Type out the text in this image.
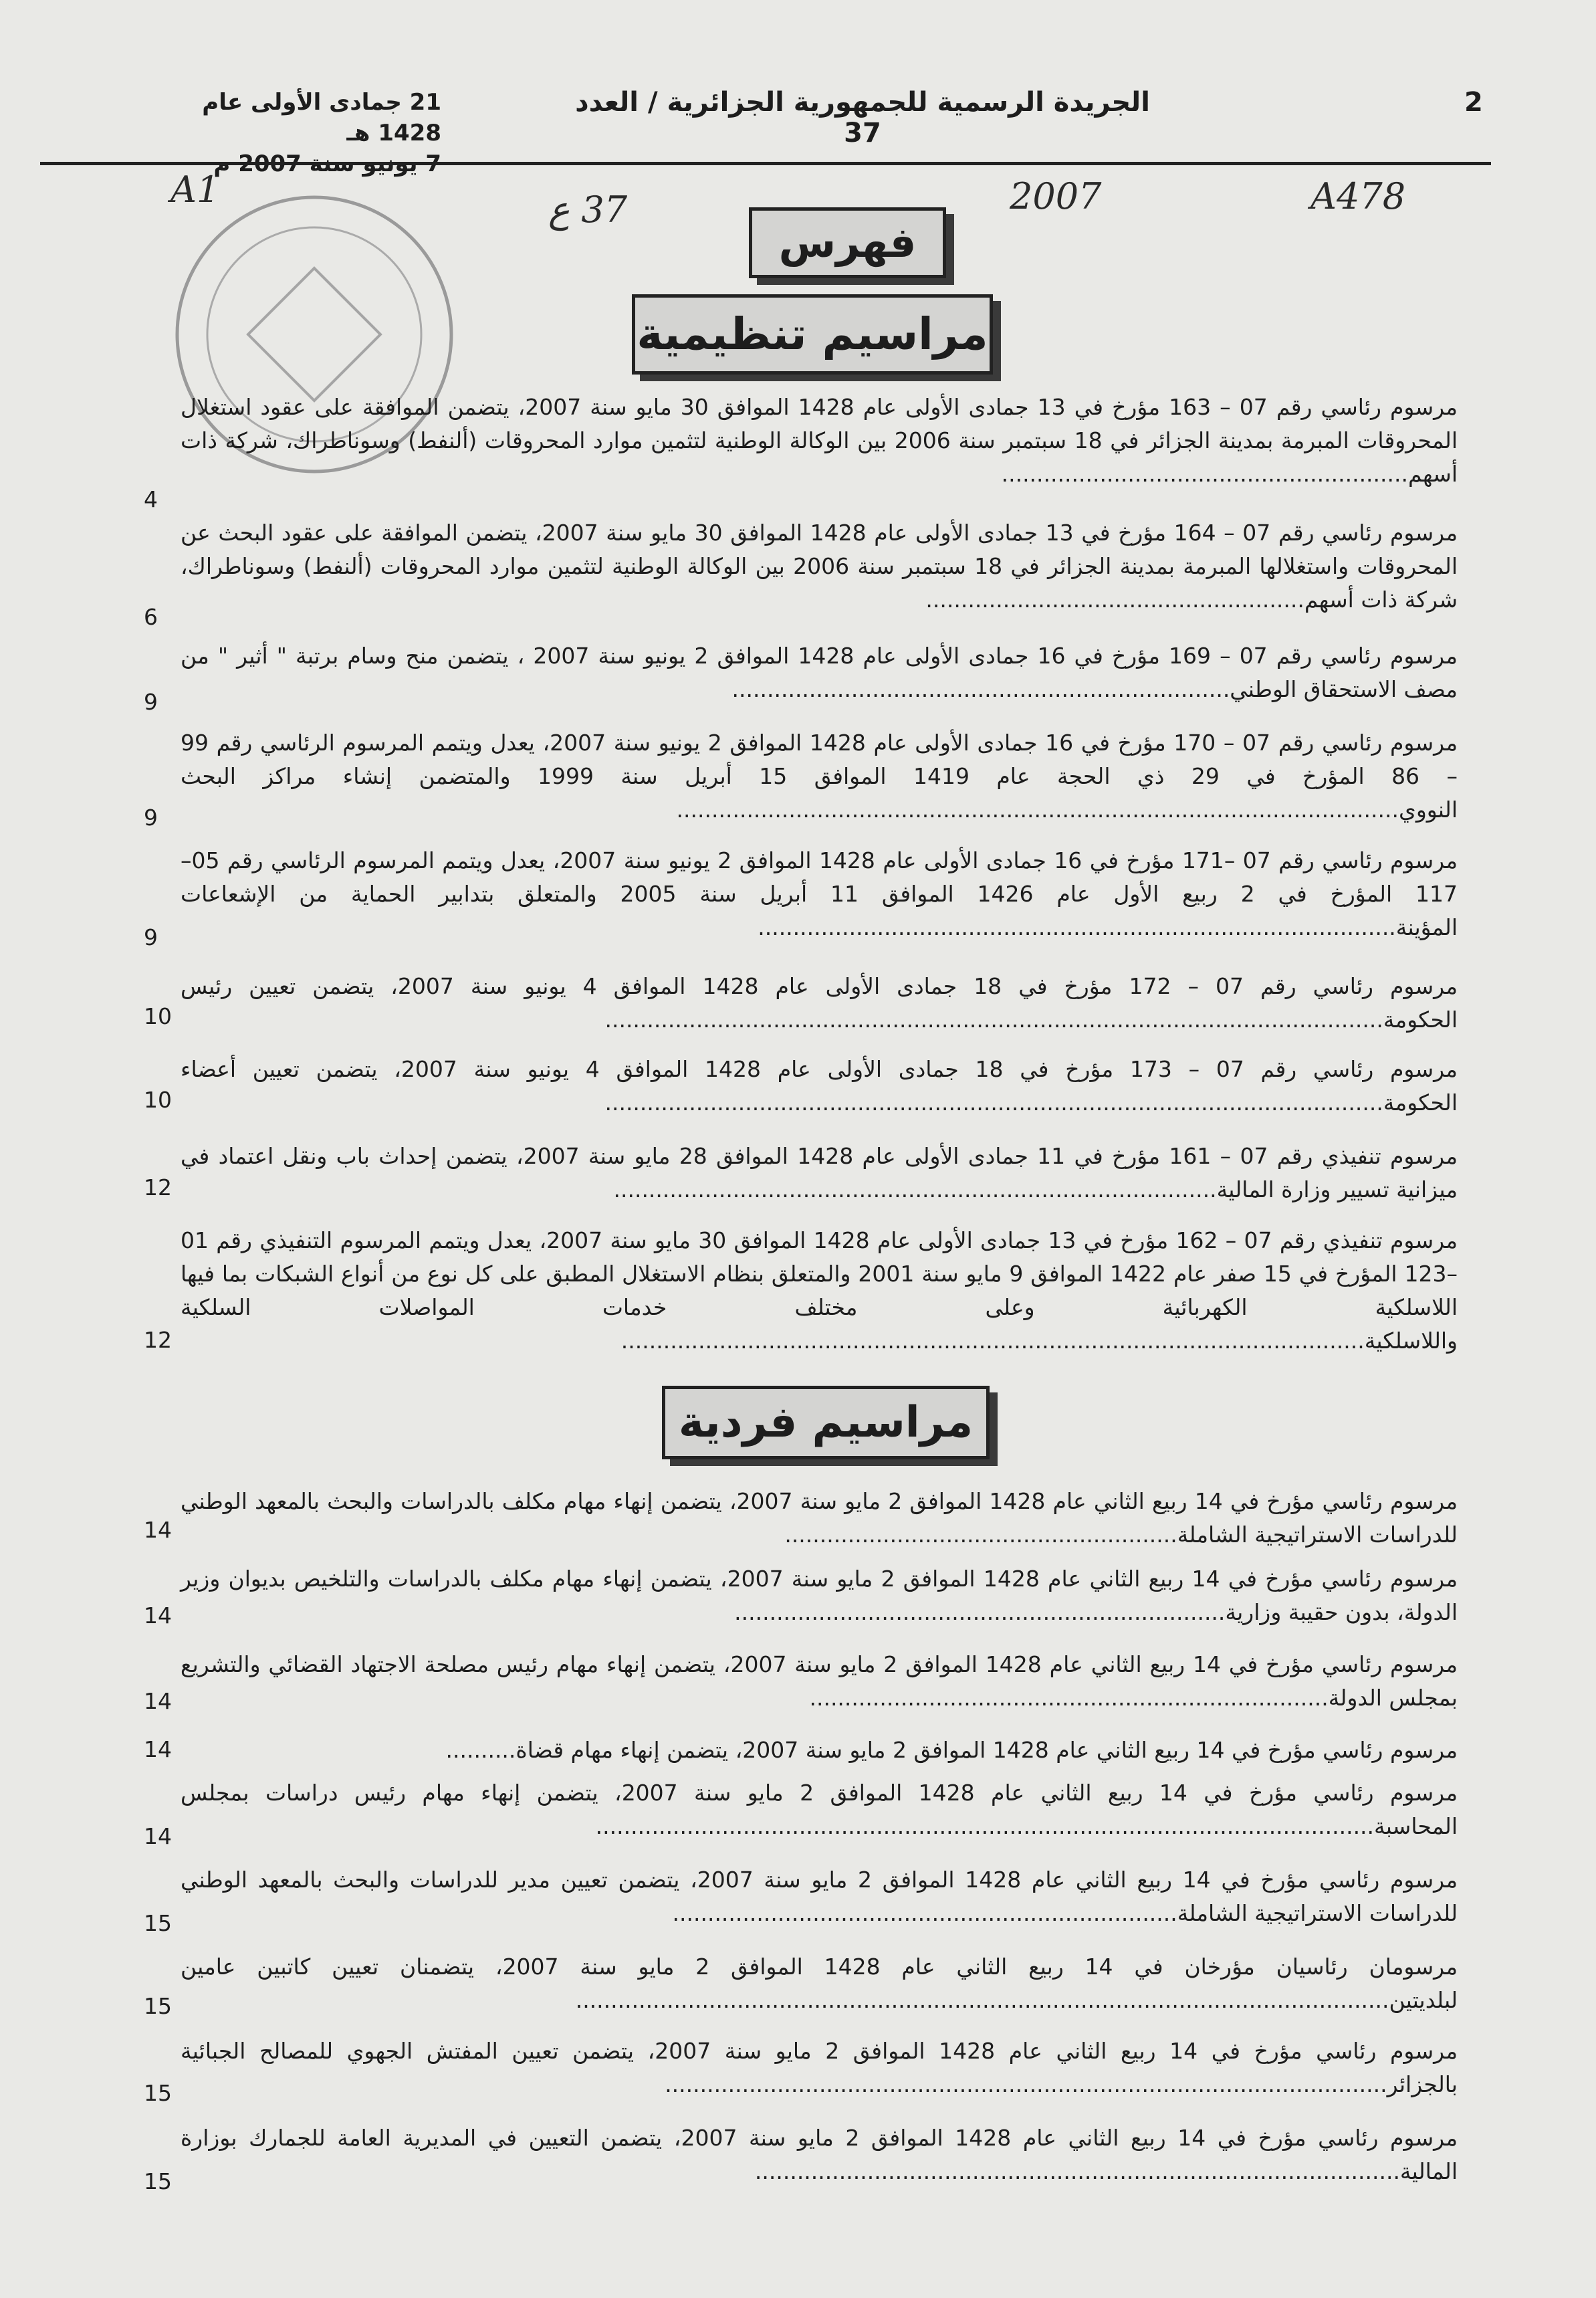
2
الجريدة الرسمية للجمهورية الجزائرية / العدد 37
21 جمادى الأولى عام 1428 هـ
7 يونيو سنة 2007 م
A1	37 ع	2007	A478
فهرس
مراسيم تنظيمية
مراسيم فردية
مرسوم رئاسي رقم 07 – 163 مؤرخ في 13 جمادى الأولى عام 1428 الموافق 30 مايو سنة 2007، يتضمن الموافقة على عقود استغلال المحروقات المبرمة بمدينة الجزائر في 18 سبتمبر سنة 2006 بين الوكالة الوطنية لتثمين موارد المحروقات (ألنفط) وسوناطراك، شركة ذات أسهم..........................................................
4
مرسوم رئاسي رقم 07 – 164 مؤرخ في 13 جمادى الأولى عام 1428 الموافق 30 مايو سنة 2007، يتضمن الموافقة على عقود البحث عن المحروقات واستغلالها المبرمة بمدينة الجزائر في 18 سبتمبر سنة 2006 بين الوكالة الوطنية لتثمين موارد المحروقات (ألنفط) وسوناطراك، شركة ذات أسهم......................................................
6
مرسوم رئاسي رقم 07 – 169 مؤرخ في 16 جمادى الأولى عام 1428 الموافق 2 يونيو سنة 2007 ، يتضمن منح وسام برتبة " أثير " من مصف الاستحقاق الوطني.......................................................................
9
مرسوم رئاسي رقم 07 – 170 مؤرخ في 16 جمادى الأولى عام 1428 الموافق 2 يونيو سنة 2007، يعدل ويتمم المرسوم الرئاسي رقم 99 – 86 المؤرخ في 29 ذي الحجة عام 1419 الموافق 15 أبريل سنة 1999 والمتضمن إنشاء مراكز البحث النووي.......................................................................................................
9
مرسوم رئاسي رقم 07 –171 مؤرخ في 16 جمادى الأولى عام 1428 الموافق 2 يونيو سنة 2007، يعدل ويتمم المرسوم الرئاسي رقم 05–117 المؤرخ في 2 ربيع الأول عام 1426 الموافق 11 أبريل سنة 2005 والمتعلق بتدابير الحماية من الإشعاعات المؤينة...........................................................................................
9
مرسوم رئاسي رقم 07 – 172 مؤرخ في 18 جمادى الأولى عام 1428 الموافق 4 يونيو سنة 2007، يتضمن تعيين رئيس الحكومة...............................................................................................................
10
مرسوم رئاسي رقم 07 – 173 مؤرخ في 18 جمادى الأولى عام 1428 الموافق 4 يونيو سنة 2007، يتضمن تعيين أعضاء الحكومة...............................................................................................................
10
مرسوم تنفيذي رقم 07 – 161 مؤرخ في 11 جمادى الأولى عام 1428 الموافق 28 مايو سنة 2007، يتضمن إحداث باب ونقل اعتماد في ميزانية تسيير وزارة المالية......................................................................................
12
مرسوم تنفيذي رقم 07 – 162 مؤرخ في 13 جمادى الأولى عام 1428 الموافق 30 مايو سنة 2007، يعدل ويتمم المرسوم التنفيذي رقم 01 –123 المؤرخ في 15 صفر عام 1422 الموافق 9 مايو سنة 2001 والمتعلق بنظام الاستغلال المطبق على كل نوع من أنواع الشبكات بما فيها اللاسلكية الكهربائية وعلى مختلف خدمات المواصلات السلكية واللاسلكية..........................................................................................................
12
مرسوم رئاسي مؤرخ في 14 ربيع الثاني عام 1428 الموافق 2 مايو سنة 2007، يتضمن إنهاء مهام مكلف بالدراسات والبحث بالمعهد الوطني للدراسات الاستراتيجية الشاملة........................................................
14
مرسوم رئاسي مؤرخ في 14 ربيع الثاني عام 1428 الموافق 2 مايو سنة 2007، يتضمن إنهاء مهام مكلف بالدراسات والتلخيص بديوان وزير الدولة، بدون حقيبة وزارية......................................................................
14
مرسوم رئاسي مؤرخ في 14 ربيع الثاني عام 1428 الموافق 2 مايو سنة 2007، يتضمن إنهاء مهام رئيس مصلحة الاجتهاد القضائي والتشريع بمجلس الدولة..........................................................................
14
مرسوم رئاسي مؤرخ في 14 ربيع الثاني عام 1428 الموافق 2 مايو سنة 2007، يتضمن إنهاء مهام قضاة..........
14
مرسوم رئاسي مؤرخ في 14 ربيع الثاني عام 1428 الموافق 2 مايو سنة 2007، يتضمن إنهاء مهام رئيس دراسات بمجلس المحاسبة...............................................................................................................
14
مرسوم رئاسي مؤرخ في 14 ربيع الثاني عام 1428 الموافق 2 مايو سنة 2007، يتضمن تعيين مدير للدراسات والبحث بالمعهد الوطني للدراسات الاستراتيجية الشاملة........................................................................
15
مرسومان رئاسيان مؤرخان في 14 ربيع الثاني عام 1428 الموافق 2 مايو سنة 2007، يتضمنان تعيين كاتبين عامين لبلديتين....................................................................................................................
15
مرسوم رئاسي مؤرخ في 14 ربيع الثاني عام 1428 الموافق 2 مايو سنة 2007، يتضمن تعيين المفتش الجهوي للمصالح الجبائية بالجزائر.......................................................................................................
15
مرسوم رئاسي مؤرخ في 14 ربيع الثاني عام 1428 الموافق 2 مايو سنة 2007، يتضمن التعيين في المديرية العامة للجمارك بوزارة المالية............................................................................................
15
